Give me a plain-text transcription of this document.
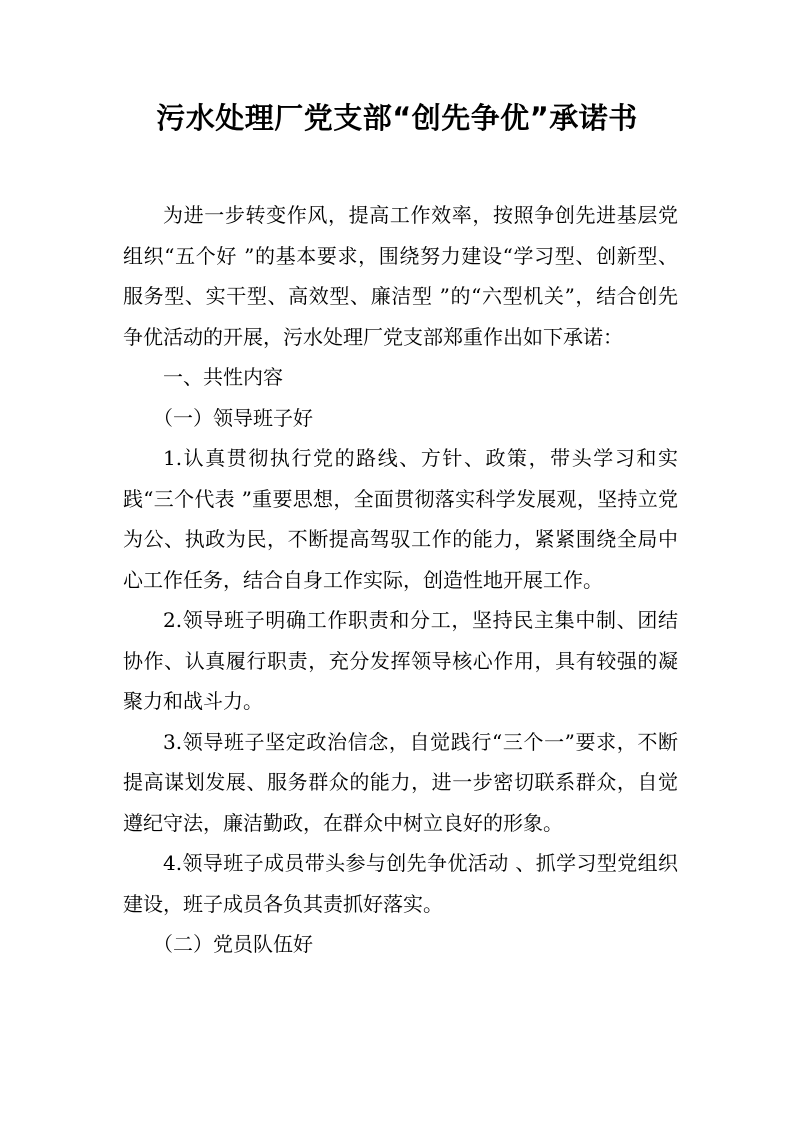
污水处理厂党支部“创先争优”承诺书

为进一步转变作风，提高工作效率，按照争创先进基层党组织“五个好 ”的基本要求，围绕努力建设“学习型、创新型、服务型、实干型、高效型、廉洁型 ”的“六型机关”，结合创先争优活动的开展，污水处理厂党支部郑重作出如下承诺：

一、共性内容

（一）领导班子好

1.认真贯彻执行党的路线、方针、政策，带头学习和实践“三个代表 ”重要思想，全面贯彻落实科学发展观，坚持立党为公、执政为民，不断提高驾驭工作的能力，紧紧围绕全局中心工作任务，结合自身工作实际，创造性地开展工作。

2.领导班子明确工作职责和分工，坚持民主集中制、团结协作、认真履行职责，充分发挥领导核心作用，具有较强的凝聚力和战斗力。

3.领导班子坚定政治信念，自觉践行“三个一”要求，不断提高谋划发展、服务群众的能力，进一步密切联系群众，自觉遵纪守法，廉洁勤政，在群众中树立良好的形象。

4.领导班子成员带头参与创先争优活动 、抓学习型党组织建设，班子成员各负其责抓好落实。

（二）党员队伍好
